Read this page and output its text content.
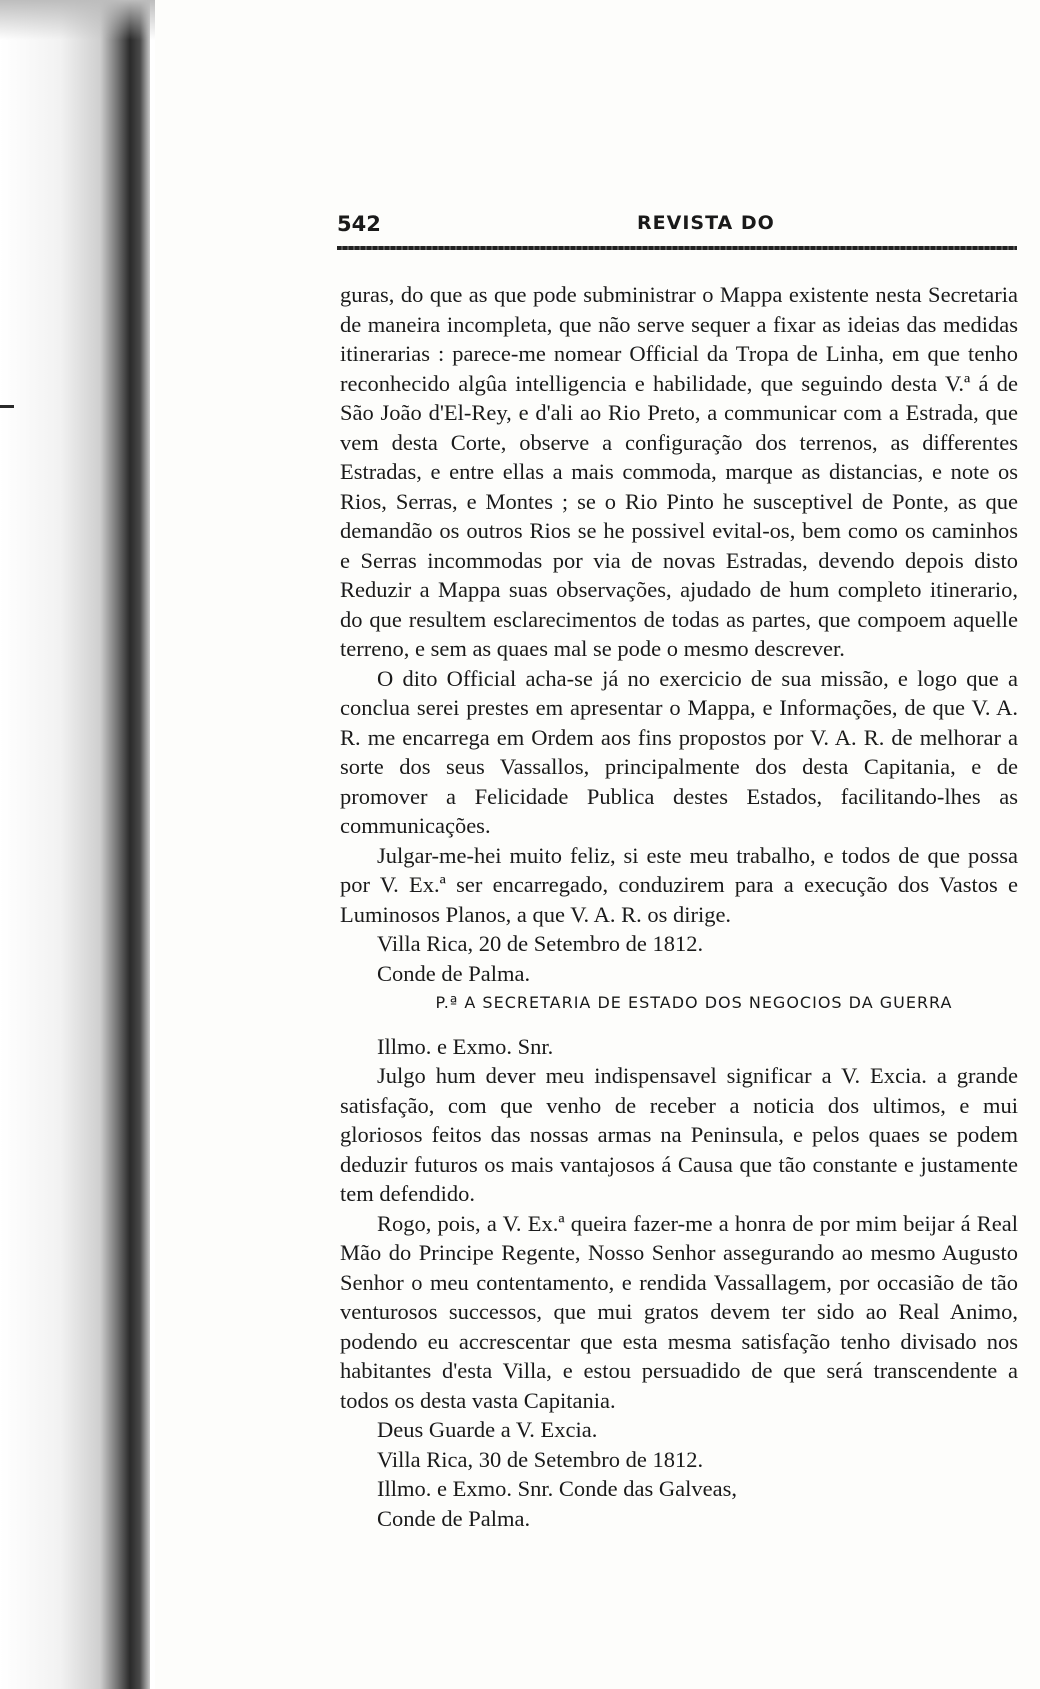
542	REVISTA DO

guras, do que as que pode subministrar o Mappa existente nesta Secretaria de maneira incompleta, que não serve sequer a fixar as ideias das medidas itinerarias : parece-me nomear Official da Tropa de Linha, em que tenho reconhecido algûa intelligencia e habilidade, que seguindo desta V.ª á de São João d'El-Rey, e d'ali ao Rio Preto, a communicar com a Estrada, que vem desta Corte, observe a configuração dos terrenos, as differentes Estradas, e entre ellas a mais commoda, marque as distancias, e note os Rios, Serras, e Montes ; se o Rio Pinto he susceptivel de Ponte, as que demandão os outros Rios se he possivel evital-os, bem como os caminhos e Serras incommodas por via de novas Estradas, devendo depois disto Reduzir a Mappa suas observações, ajudado de hum completo itinerario, do que resultem esclarecimentos de todas as partes, que compoem aquelle terreno, e sem as quaes mal se pode o mesmo descrever.

O dito Official acha-se já no exercicio de sua missão, e logo que a conclua serei prestes em apresentar o Mappa, e Informações, de que V. A. R. me encarrega em Ordem aos fins propostos por V. A. R. de melhorar a sorte dos seus Vassallos, principalmente dos desta Capitania, e de promover a Felicidade Publica destes Estados, facilitando-lhes as communicações.

Julgar-me-hei muito feliz, si este meu trabalho, e todos de que possa por V. Ex.ª ser encarregado, conduzirem para a execução dos Vastos e Luminosos Planos, a que V. A. R. os dirige.

Villa Rica, 20 de Setembro de 1812.

Conde de Palma.

P.ª A SECRETARIA DE ESTADO DOS NEGOCIOS DA GUERRA

Illmo. e Exmo. Snr.

Julgo hum dever meu indispensavel significar a V. Excia. a grande satisfação, com que venho de receber a noticia dos ultimos, e mui gloriosos feitos das nossas armas na Peninsula, e pelos quaes se podem deduzir futuros os mais vantajosos á Causa que tão constante e justamente tem defendido.

Rogo, pois, a V. Ex.ª queira fazer-me a honra de por mim beijar á Real Mão do Principe Regente, Nosso Senhor assegurando ao mesmo Augusto Senhor o meu contentamento, e rendida Vassallagem, por occasião de tão venturosos successos, que mui gratos devem ter sido ao Real Animo, podendo eu accrescentar que esta mesma satisfação tenho divisado nos habitantes d'esta Villa, e estou persuadido de que será transcendente a todos os desta vasta Capitania.

Deus Guarde a V. Excia.

Villa Rica, 30 de Setembro de 1812.

Illmo. e Exmo. Snr. Conde das Galveas,

Conde de Palma.
